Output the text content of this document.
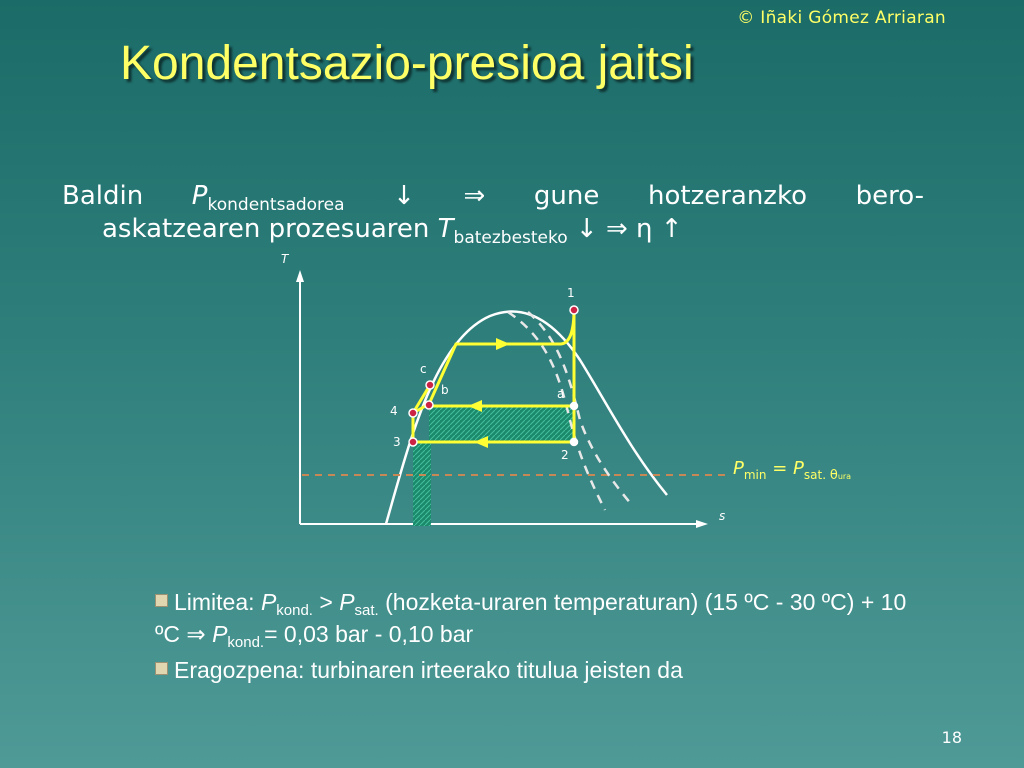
© Iñaki Gómez Arriaran
Kondentsazio-presioa jaitsi
Baldin $P_{kondentsadorea}$ ↓ ⇒ gune hotzeranzko bero-
askatzearen prozesuaren $T_{batezbesteko}$ ↓ ⇒ η ↑
T
s
1
a
2
c
b
4
3
$P_{min} = P_{sat.}$ θura

Limitea: $P_{kond.} > P_{sat.}$ (hozketa-uraren temperaturan) (15 ºC - 30 ºC) + 10 ºC ⇒ $P_{kond.}= 0,03$ bar - 0,10 bar

Eragozpena: turbinaren irteerako titulua jeisten da

18
